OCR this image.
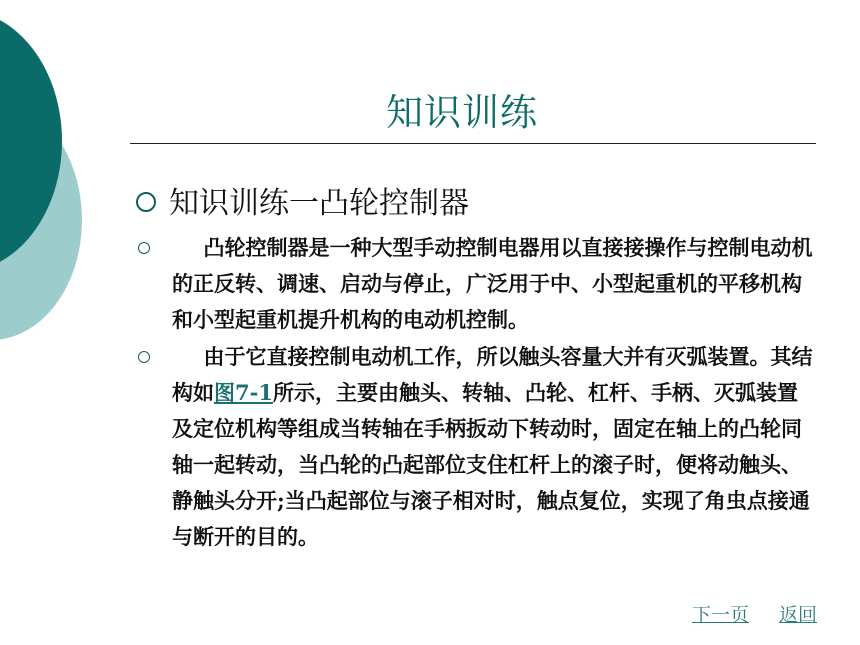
知识训练
知识训练一凸轮控制器
凸轮控制器是一种大型手动控制电器用以直接接操作与控制电动机的正反转、调速、启动与停止，广泛用于中、小型起重机的平移机构和小型起重机提升机构的电动机控制。
由于它直接控制电动机工作，所以触头容量大并有灭弧装置。其结构如图7-1所示，主要由触头、转轴、凸轮、杠杆、手柄、灭弧装置及定位机构等组成当转轴在手柄扳动下转动时，固定在轴上的凸轮同轴一起转动，当凸轮的凸起部位支住杠杆上的滚子时，便将动触头、静触头分开;当凸起部位与滚子相对时，触点复位，实现了角虫点接通与断开的目的。
下一页 返回
